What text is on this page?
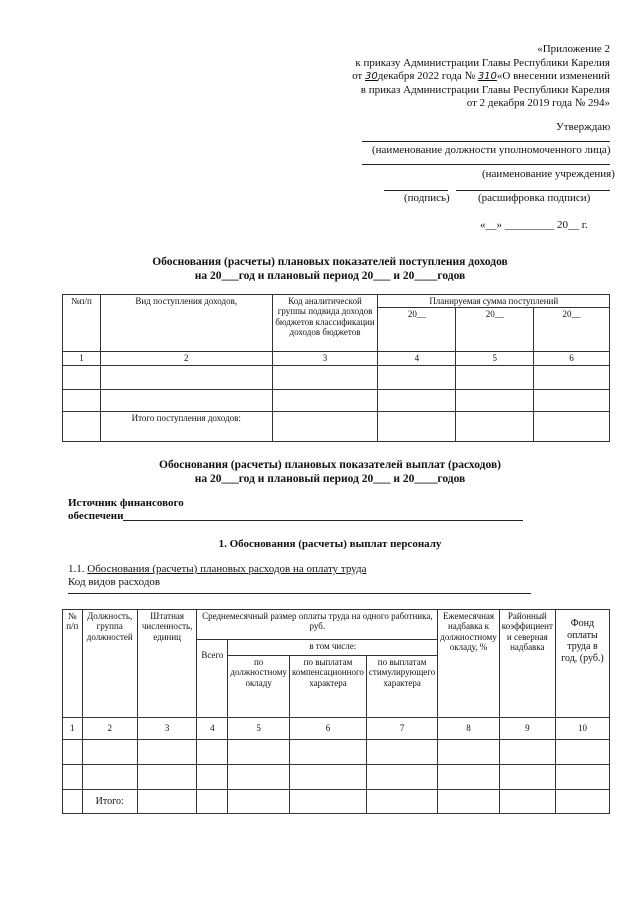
«Приложение 2
к приказу Администрации Главы Республики Карелия
от 30декабря 2022 года № 310«О внесении изменений
в приказ Администрации Главы Республики Карелия
от 2 декабря 2019 года № 294»
Утверждаю
(наименование должности уполномоченного лица)
(наименование учреждения)
(подпись)	(расшифровка подписи)
«__» _________ 20__ г.
Обоснования (расчеты) плановых показателей поступления доходов
на 20___год и плановый период 20___ и 20____годов
№п/п	Вид поступления доходов,	Код аналитической группы подвида доходов бюджетов классификации доходов бюджетов	Планируемая сумма поступлений		
			20__	20__	20__
1	2	3	4	5	6

	Итого поступления доходов:				
Обоснования (расчеты) плановых показателей выплат (расходов)
на 20___год и плановый период 20___ и 20____годов
Источник финансового
обеспечени
1. Обоснования (расчеты) выплат персоналу
1.1. Обоснования (расчеты) плановых расходов на оплату труда
Код видов расходов
№ п/п	Должность, группа должностей	Штатная численность, единиц	Среднемесячный размер оплаты труда на одного работника, руб.				Ежемесячная надбавка к должностному окладу, %	Районный коэффициент и северная надбавка	Фонд оплаты труда в год, (руб.)
			Всего	в том числе:					
				по должностному окладу	по выплатам компенсационного характера	по выплатам стимулирующего характера			
1	2	3	4	5	6	7	8	9	10

	Итого:								
